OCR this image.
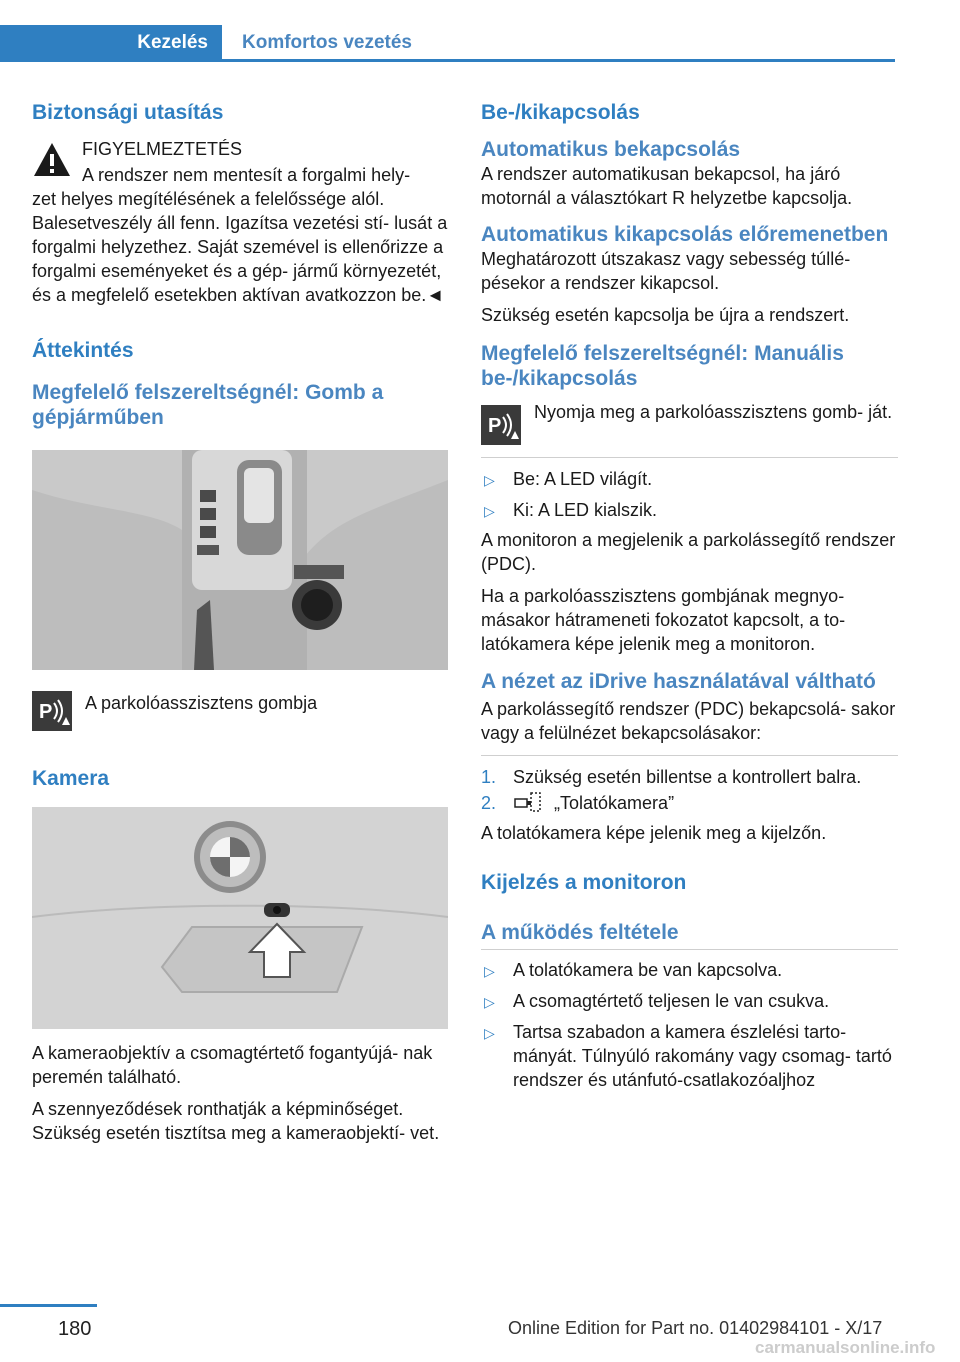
Kezelés	Komfortos vezetés
Biztonsági utasítás

FIGYELMEZTETÉS

A rendszer nem mentesít a forgalmi hely‐

zet helyes megítélésének a felelőssége alól. Balesetveszély áll fenn. Igazítsa vezetési stí‐ lusát a forgalmi helyzethez. Saját szemével is ellenőrizze a forgalmi eseményeket és a gép‐ jármű környezetét, és a megfelelő esetekben aktívan avatkozzon be.◄

Áttekintés
Megfelelő felszereltségnél: Gomb a gépjárműben
P A parkolóasszisztens gombja

Kamera

A kameraobjektív a csomagtértető fogantyújá‐ nak peremén található.

A szennyeződések ronthatják a képminőséget. Szükség esetén tisztítsa meg a kameraobjektí‐ vet.

Be-/kikapcsolás
Automatikus bekapcsolás

A rendszer automatikusan bekapcsol, ha járó motornál a választókart R helyzetbe kapcsolja.

Automatikus kikapcsolás előremenetben

Meghatározott útszakasz vagy sebesség túllé‐ pésekor a rendszer kikapcsol.

Szükség esetén kapcsolja be újra a rendszert.

Megfelelő felszereltségnél: Manuális be-/kikapcsolás
P

Nyomja meg a parkolóasszisztens gomb‐ ját.

▷ Be: A LED világít.
▷ Ki: A LED kialszik.

A monitoron a megjelenik a parkolássegítő rendszer (PDC).

Ha a parkolóasszisztens gombjának megnyo‐ másakor hátrameneti fokozatot kapcsolt, a to‐ latókamera képe jelenik meg a monitoron.

A nézet az iDrive használatával váltható

A parkolássegítő rendszer (PDC) bekapcsolá‐ sakor vagy a felülnézet bekapcsolásakor:

1. Szükség esetén billentse a kontrollert balra.
2.	„Tolatókamera”

A tolatókamera képe jelenik meg a kijelzőn.

Kijelzés a monitoron
A működés feltétele
▷ A tolatókamera be van kapcsolva.
▷ A csomagtértető teljesen le van csukva.
▷ Tartsa szabadon a kamera észlelési tarto‐ mányát. Túlnyúló rakomány vagy csomag‐ tartó rendszer és utánfutó-csatlakozóaljhoz
180	Online Edition for Part no. 01402984101 - X/17
carmanualsonline.info
